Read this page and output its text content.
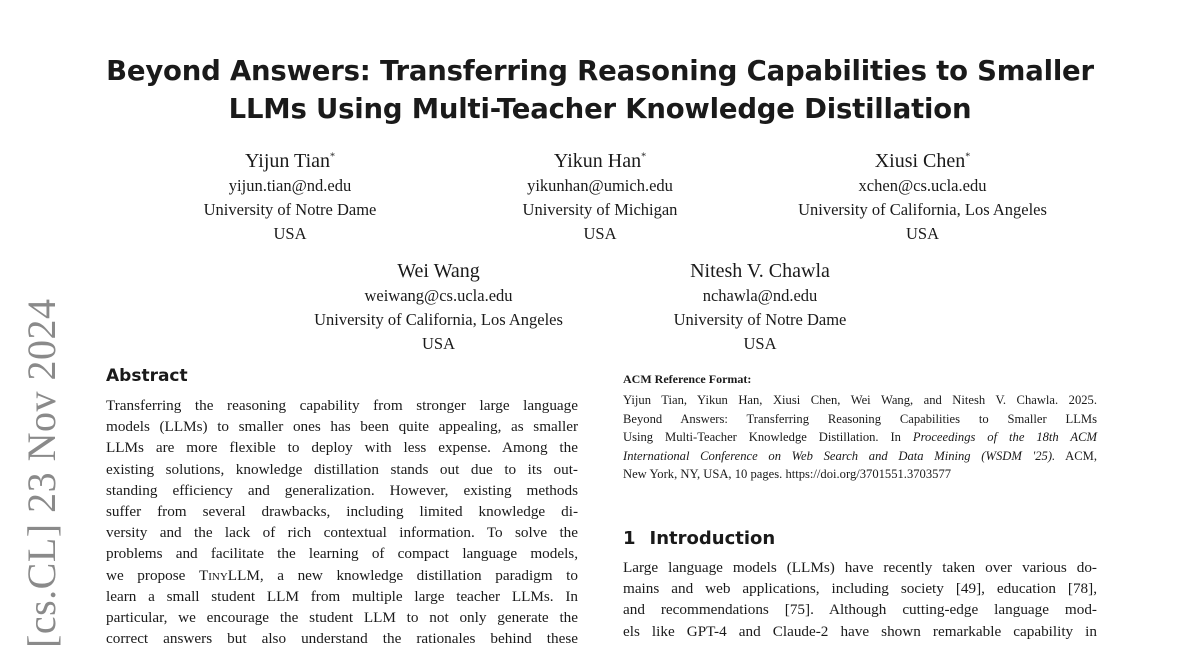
[cs.CL] 23 Nov 2024
Beyond Answers: Transferring Reasoning Capabilities to Smaller
LLMs Using Multi-Teacher Knowledge Distillation
Yijun Tian*
yijun.tian@nd.edu
University of Notre Dame
USA
Yikun Han*
yikunhan@umich.edu
University of Michigan
USA
Xiusi Chen*
xchen@cs.ucla.edu
University of California, Los Angeles
USA
Wei Wang
weiwang@cs.ucla.edu
University of California, Los Angeles
USA
Nitesh V. Chawla
nchawla@nd.edu
University of Notre Dame
USA
Abstract
Transferring the reasoning capability from stronger large language
models (LLMs) to smaller ones has been quite appealing, as smaller
LLMs are more flexible to deploy with less expense. Among the
existing solutions, knowledge distillation stands out due to its out-
standing efficiency and generalization. However, existing methods
suffer from several drawbacks, including limited knowledge di-
versity and the lack of rich contextual information. To solve the
problems and facilitate the learning of compact language models,
we propose TinyLLM, a new knowledge distillation paradigm to
learn a small student LLM from multiple large teacher LLMs. In
particular, we encourage the student LLM to not only generate the
correct answers but also understand the rationales behind these
ACM Reference Format:
Yijun Tian, Yikun Han, Xiusi Chen, Wei Wang, and Nitesh V. Chawla. 2025.
Beyond Answers: Transferring Reasoning Capabilities to Smaller LLMs
Using Multi-Teacher Knowledge Distillation. In Proceedings of the 18th ACM
International Conference on Web Search and Data Mining (WSDM '25). ACM,
New York, NY, USA, 10 pages. https://doi.org/3701551.3703577
1 Introduction
Large language models (LLMs) have recently taken over various do-
mains and web applications, including society [49], education [78],
and recommendations [75]. Although cutting-edge language mod-
els like GPT-4 and Claude-2 have shown remarkable capability in
